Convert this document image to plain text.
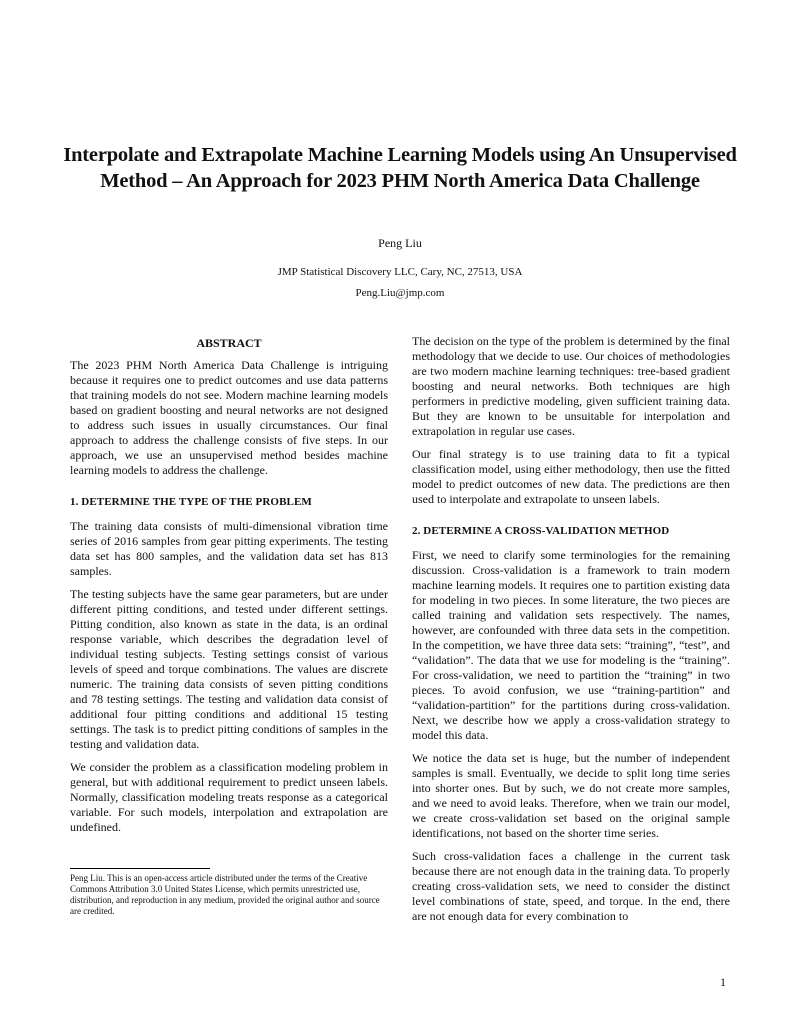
Interpolate and Extrapolate Machine Learning Models using An Unsupervised Method – An Approach for 2023 PHM North America Data Challenge
Peng Liu
JMP Statistical Discovery LLC, Cary, NC, 27513, USA
Peng.Liu@jmp.com
ABSTRACT

The 2023 PHM North America Data Challenge is intriguing because it requires one to predict outcomes and use data patterns that training models do not see. Modern machine learning models based on gradient boosting and neural networks are not designed to address such issues in usually circumstances. Our final approach to address the challenge consists of five steps. In our approach, we use an unsupervised method besides machine learning models to address the challenge.

1. DETERMINE THE TYPE OF THE PROBLEM

The training data consists of multi-dimensional vibration time series of 2016 samples from gear pitting experiments. The testing data set has 800 samples, and the validation data set has 813 samples.

The testing subjects have the same gear parameters, but are under different pitting conditions, and tested under different settings. Pitting condition, also known as state in the data, is an ordinal response variable, which describes the degradation level of individual testing subjects. Testing settings consist of various levels of speed and torque combinations. The values are discrete numeric. The training data consists of seven pitting conditions and 78 testing settings. The testing and validation data consist of additional four pitting conditions and additional 15 testing settings. The task is to predict pitting conditions of samples in the testing and validation data.

We consider the problem as a classification modeling problem in general, but with additional requirement to predict unseen labels. Normally, classification modeling treats response as a categorical variable. For such models, interpolation and extrapolation are undefined.

Peng Liu. This is an open-access article distributed under the terms of the Creative Commons Attribution 3.0 United States License, which permits unrestricted use, distribution, and reproduction in any medium, provided the original author and source are credited.

The decision on the type of the problem is determined by the final methodology that we decide to use. Our choices of methodologies are two modern machine learning techniques: tree-based gradient boosting and neural networks. Both techniques are high performers in predictive modeling, given sufficient training data. But they are known to be unsuitable for interpolation and extrapolation in regular use cases.

Our final strategy is to use training data to fit a typical classification model, using either methodology, then use the fitted model to predict outcomes of new data. The predictions are then used to interpolate and extrapolate to unseen labels.

2. DETERMINE A CROSS-VALIDATION METHOD

First, we need to clarify some terminologies for the remaining discussion. Cross-validation is a framework to train modern machine learning models. It requires one to partition existing data for modeling in two pieces. In some literature, the two pieces are called training and validation sets respectively. The names, however, are confounded with three data sets in the competition. In the competition, we have three data sets: “training”, “test”, and “validation”. The data that we use for modeling is the “training”. For cross-validation, we need to partition the “training” in two pieces. To avoid confusion, we use “training-partition” and “validation-partition” for the partitions during cross-validation. Next, we describe how we apply a cross-validation strategy to model this data.

We notice the data set is huge, but the number of independent samples is small. Eventually, we decide to split long time series into shorter ones. But by such, we do not create more samples, and we need to avoid leaks. Therefore, when we train our model, we create cross-validation set based on the original sample identifications, not based on the shorter time series.

Such cross-validation faces a challenge in the current task because there are not enough data in the training data. To properly creating cross-validation sets, we need to consider the distinct level combinations of state, speed, and torque. In the end, there are not enough data for every combination to

1
